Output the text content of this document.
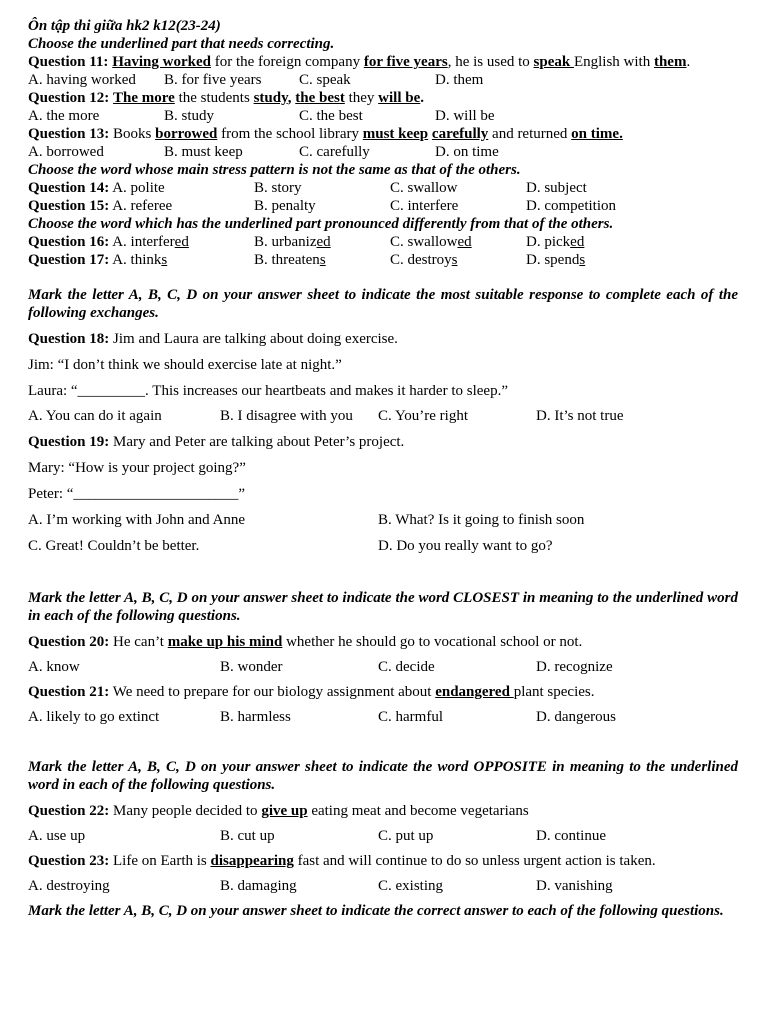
Ôn tập thi giữa hk2 k12(23-24)
Choose the underlined part that needs correcting.
Question 11: Having worked for the foreign company for five years, he is used to speak English with them.
A. having worked	B. for five years	C. speak	D. them
Question 12: The more the students study, the best they will be.
A. the more	B. study	C. the best	D. will be
Question 13: Books borrowed from the school library must keep carefully and returned on time.
A. borrowed	B. must keep	C. carefully	D. on time
Choose the word whose main stress pattern is not the same as that of the others.
Question 14: A. polite	B. story	C. swallow	D. subject
Question 15: A. referee	B. penalty	C. interfere	D. competition
Choose the word which has the underlined part pronounced differently from that of the others.
Question 16: A. interfered	B. urbanized	C. swallowed	D. picked
Question 17: A. thinks	B. threatens	C. destroys	D. spends
Mark the letter A, B, C, D on your answer sheet to indicate the most suitable response to complete each of the following exchanges.
Question 18: Jim and Laura are talking about doing exercise.
Jim: “I don’t think we should exercise late at night.”
Laura: “_________. This increases our heartbeats and makes it harder to sleep.”
A. You can do it again	B. I disagree with you	C. You’re right	D. It’s not true
Question 19: Mary and Peter are talking about Peter’s project.
Mary: “How is your project going?”
Peter: “______________________”
A. I’m working with John and Anne	B. What? Is it going to finish soon
C. Great! Couldn’t be better.	D. Do you really want to go?
Mark the letter A, B, C, D on your answer sheet to indicate the word CLOSEST in meaning to the underlined word in each of the following questions.
Question 20: He can’t make up his mind whether he should go to vocational school or not.
A. know	B. wonder	C. decide	D. recognize
Question 21: We need to prepare for our biology assignment about endangered plant species.
A. likely to go extinct	B. harmless	C. harmful	D. dangerous
Mark the letter A, B, C, D on your answer sheet to indicate the word OPPOSITE in meaning to the underlined word in each of the following questions.
Question 22: Many people decided to give up eating meat and become vegetarians
A. use up	B. cut up	C. put up	D. continue
Question 23: Life on Earth is disappearing fast and will continue to do so unless urgent action is taken.
A. destroying	B. damaging	C. existing	D. vanishing
Mark the letter A, B, C, D on your answer sheet to indicate the correct answer to each of the following questions.
